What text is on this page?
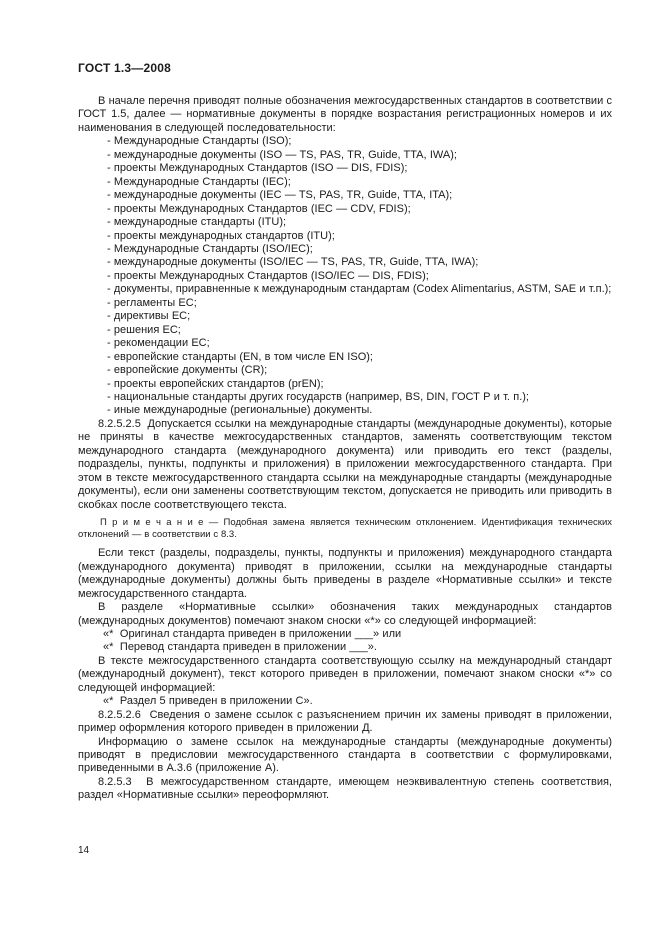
ГОСТ 1.3—2008
В начале перечня приводят полные обозначения межгосударственных стандартов в соответствии с ГОСТ 1.5, далее — нормативные документы в порядке возрастания регистрационных номеров и их наименования в следующей последовательности:
- Международные Стандарты (ISO);
- международные документы (ISO — TS, PAS, TR, Guide, TTA, IWA);
- проекты Международных Стандартов (ISO — DIS, FDIS);
- Международные Стандарты (IEC);
- международные документы (IEC — TS, PAS, TR, Guide, TTA, ITA);
- проекты Международных Стандартов (IEC — CDV, FDIS);
- международные стандарты (ITU);
- проекты международных стандартов (ITU);
- Международные Стандарты (ISO/IEC);
- международные документы (ISO/IEC — TS, PAS, TR, Guide, TTA, IWA);
- проекты Международных Стандартов (ISO/IEC — DIS, FDIS);
- документы, приравненные к международным стандартам (Codex Alimentarius, ASTM, SAE и т.п.);
- регламенты ЕС;
- директивы ЕС;
- решения ЕС;
- рекомендации ЕС;
- европейские стандарты (EN, в том числе EN ISO);
- европейские документы (CR);
- проекты европейских стандартов (prEN);
- национальные стандарты других государств (например, BS, DIN, ГОСТ Р и т. п.);
- иные международные (региональные) документы.
8.2.5.2.5  Допускается ссылки на международные стандарты (международные документы), которые не приняты в качестве межгосударственных стандартов, заменять соответствующим текстом международного стандарта (международного документа) или приводить его текст (разделы, подразделы, пункты, подпункты и приложения) в приложении межгосударственного стандарта. При этом в тексте межгосударственного стандарта ссылки на международные стандарты (международные документы), если они заменены соответствующим текстом, допускается не приводить или приводить в скобках после соответствующего текста.
П р и м е ч а н и е — Подобная замена является техническим отклонением. Идентификация технических отклонений — в соответствии с 8.3.
Если текст (разделы, подразделы, пункты, подпункты и приложения) международного стандарта (международного документа) приводят в приложении, ссылки на международные стандарты (международные документы) должны быть приведены в разделе «Нормативные ссылки» и тексте межгосударственного стандарта.
В разделе «Нормативные ссылки» обозначения таких международных стандартов (международных документов) помечают знаком сноски «*» со следующей информацией:
«*  Оригинал стандарта приведен в приложении ___» или
«*  Перевод стандарта приведен в приложении ___».
В тексте межгосударственного стандарта соответствующую ссылку на международный стандарт (международный документ), текст которого приведен в приложении, помечают знаком сноски «*» со следующей информацией:
«*  Раздел 5 приведен в приложении С».
8.2.5.2.6  Сведения о замене ссылок с разъяснением причин их замены приводят в приложении, пример оформления которого приведен в приложении Д.
Информацию о замене ссылок на международные стандарты (международные документы) приводят в предисловии межгосударственного стандарта в соответствии с формулировками, приведенными в А.3.6 (приложение А).
8.2.5.3  В межгосударственном стандарте, имеющем неэквивалентную степень соответствия, раздел «Нормативные ссылки» переоформляют.
14
